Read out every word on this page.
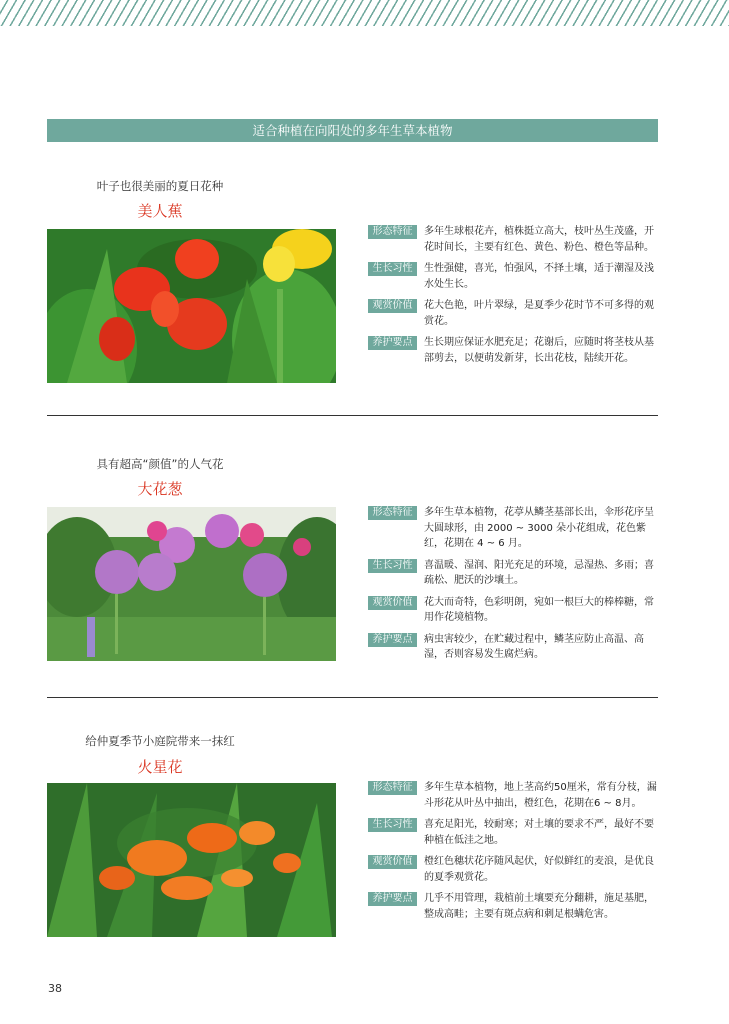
适合种植在向阳处的多年生草本植物
叶子也很美丽的夏日花种
美人蕉
形态特征	多年生球根花卉，植株挺立高大，枝叶丛生茂盛，开花时间长，主要有红色、黄色、粉色、橙色等品种。
生长习性	生性强健，喜光，怕强风，不择土壤，适于潮湿及浅水处生长。
观赏价值	花大色艳，叶片翠绿，是夏季少花时节不可多得的观赏花。
养护要点	生长期应保证水肥充足；花谢后，应随时将茎枝从基部剪去，以便萌发新芽，长出花枝，陆续开花。
具有超高“颜值”的人气花
大花葱
形态特征	多年生草本植物，花葶从鳞茎基部长出，伞形花序呈大圆球形，由 2000 ~ 3000 朵小花组成，花色紫红，花期在 4 ~ 6 月。
生长习性	喜温暖、湿润、阳光充足的环境，忌湿热、多雨；喜疏松、肥沃的沙壤土。
观赏价值	花大而奇特，色彩明朗，宛如一根巨大的棒棒糖，常用作花境植物。
养护要点	病虫害较少，在贮藏过程中，鳞茎应防止高温、高湿，否则容易发生腐烂病。
给仲夏季节小庭院带来一抹红
火星花
形态特征	多年生草本植物，地上茎高约50厘米，常有分枝，漏斗形花从叶丛中抽出，橙红色，花期在6 ~ 8月。
生长习性	喜充足阳光，较耐寒；对土壤的要求不严，最好不要种植在低洼之地。
观赏价值	橙红色穗状花序随风起伏，好似鲜红的麦浪，是优良的夏季观赏花。
养护要点	几乎不用管理，栽植前土壤要充分翻耕，施足基肥，整成高畦；主要有斑点病和刺足根螨危害。
38
